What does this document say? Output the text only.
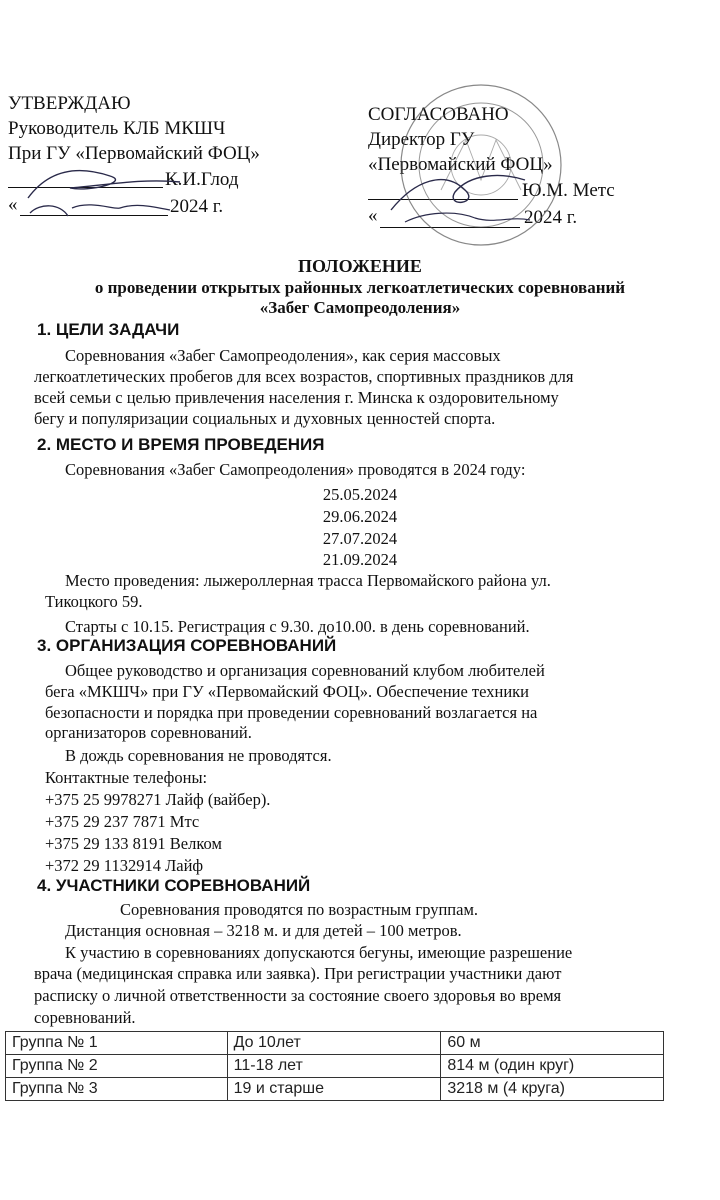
УТВЕРЖДАЮ
Руководитель КЛБ МКШЧ
При ГУ «Первомайский ФОЦ»
К.И.Глод
«	2024 г.
СОГЛАСОВАНО
Директор ГУ
«Первомайский ФОЦ»
Ю.М. Метс
«	2024 г.
ПОЛОЖЕНИЕ
о проведении открытых районных легкоатлетических соревнований
«Забег Самопреодоления»
1. ЦЕЛИ ЗАДАЧИ
Соревнования «Забег Самопреодоления», как серия массовых
легкоатлетических пробегов для всех возрастов, спортивных праздников для
всей семьи с целью привлечения населения г. Минска к оздоровительному
бегу и популяризации социальных и духовных ценностей спорта.
2. МЕСТО И ВРЕМЯ ПРОВЕДЕНИЯ
Соревнования «Забег Самопреодоления» проводятся в 2024 году:
25.05.2024
29.06.2024
27.07.2024
21.09.2024
Место проведения: лыжероллерная трасса Первомайского района ул.
Тикоцкого 59.
Старты с 10.15. Регистрация с 9.30. до10.00. в день соревнований.
3. ОРГАНИЗАЦИЯ СОРЕВНОВАНИЙ
Общее руководство и организация соревнований клубом любителей
бега «МКШЧ» при ГУ «Первомайский ФОЦ». Обеспечение техники
безопасности и порядка при проведении соревнований возлагается на
организаторов соревнований.
В дождь соревнования не проводятся.
Контактные телефоны:
+375 25 9978271 Лайф (вайбер).
+375 29 237 7871 Мтс
+375 29 133 8191 Велком
+372 29 1132914 Лайф
4. УЧАСТНИКИ СОРЕВНОВАНИЙ
Соревнования проводятся по возрастным группам.
Дистанция основная – 3218 м. и для детей – 100 метров.
К участию в соревнованиях допускаются бегуны, имеющие разрешение
врача (медицинская справка или заявка). При регистрации участники дают
расписку о личной ответственности за состояние своего здоровья во время
соревнований.
Группа № 1	До 10лет	60 м
Группа № 2	11-18 лет	814 м (один круг)
Группа № 3	19 и старше	3218 м (4 круга)
